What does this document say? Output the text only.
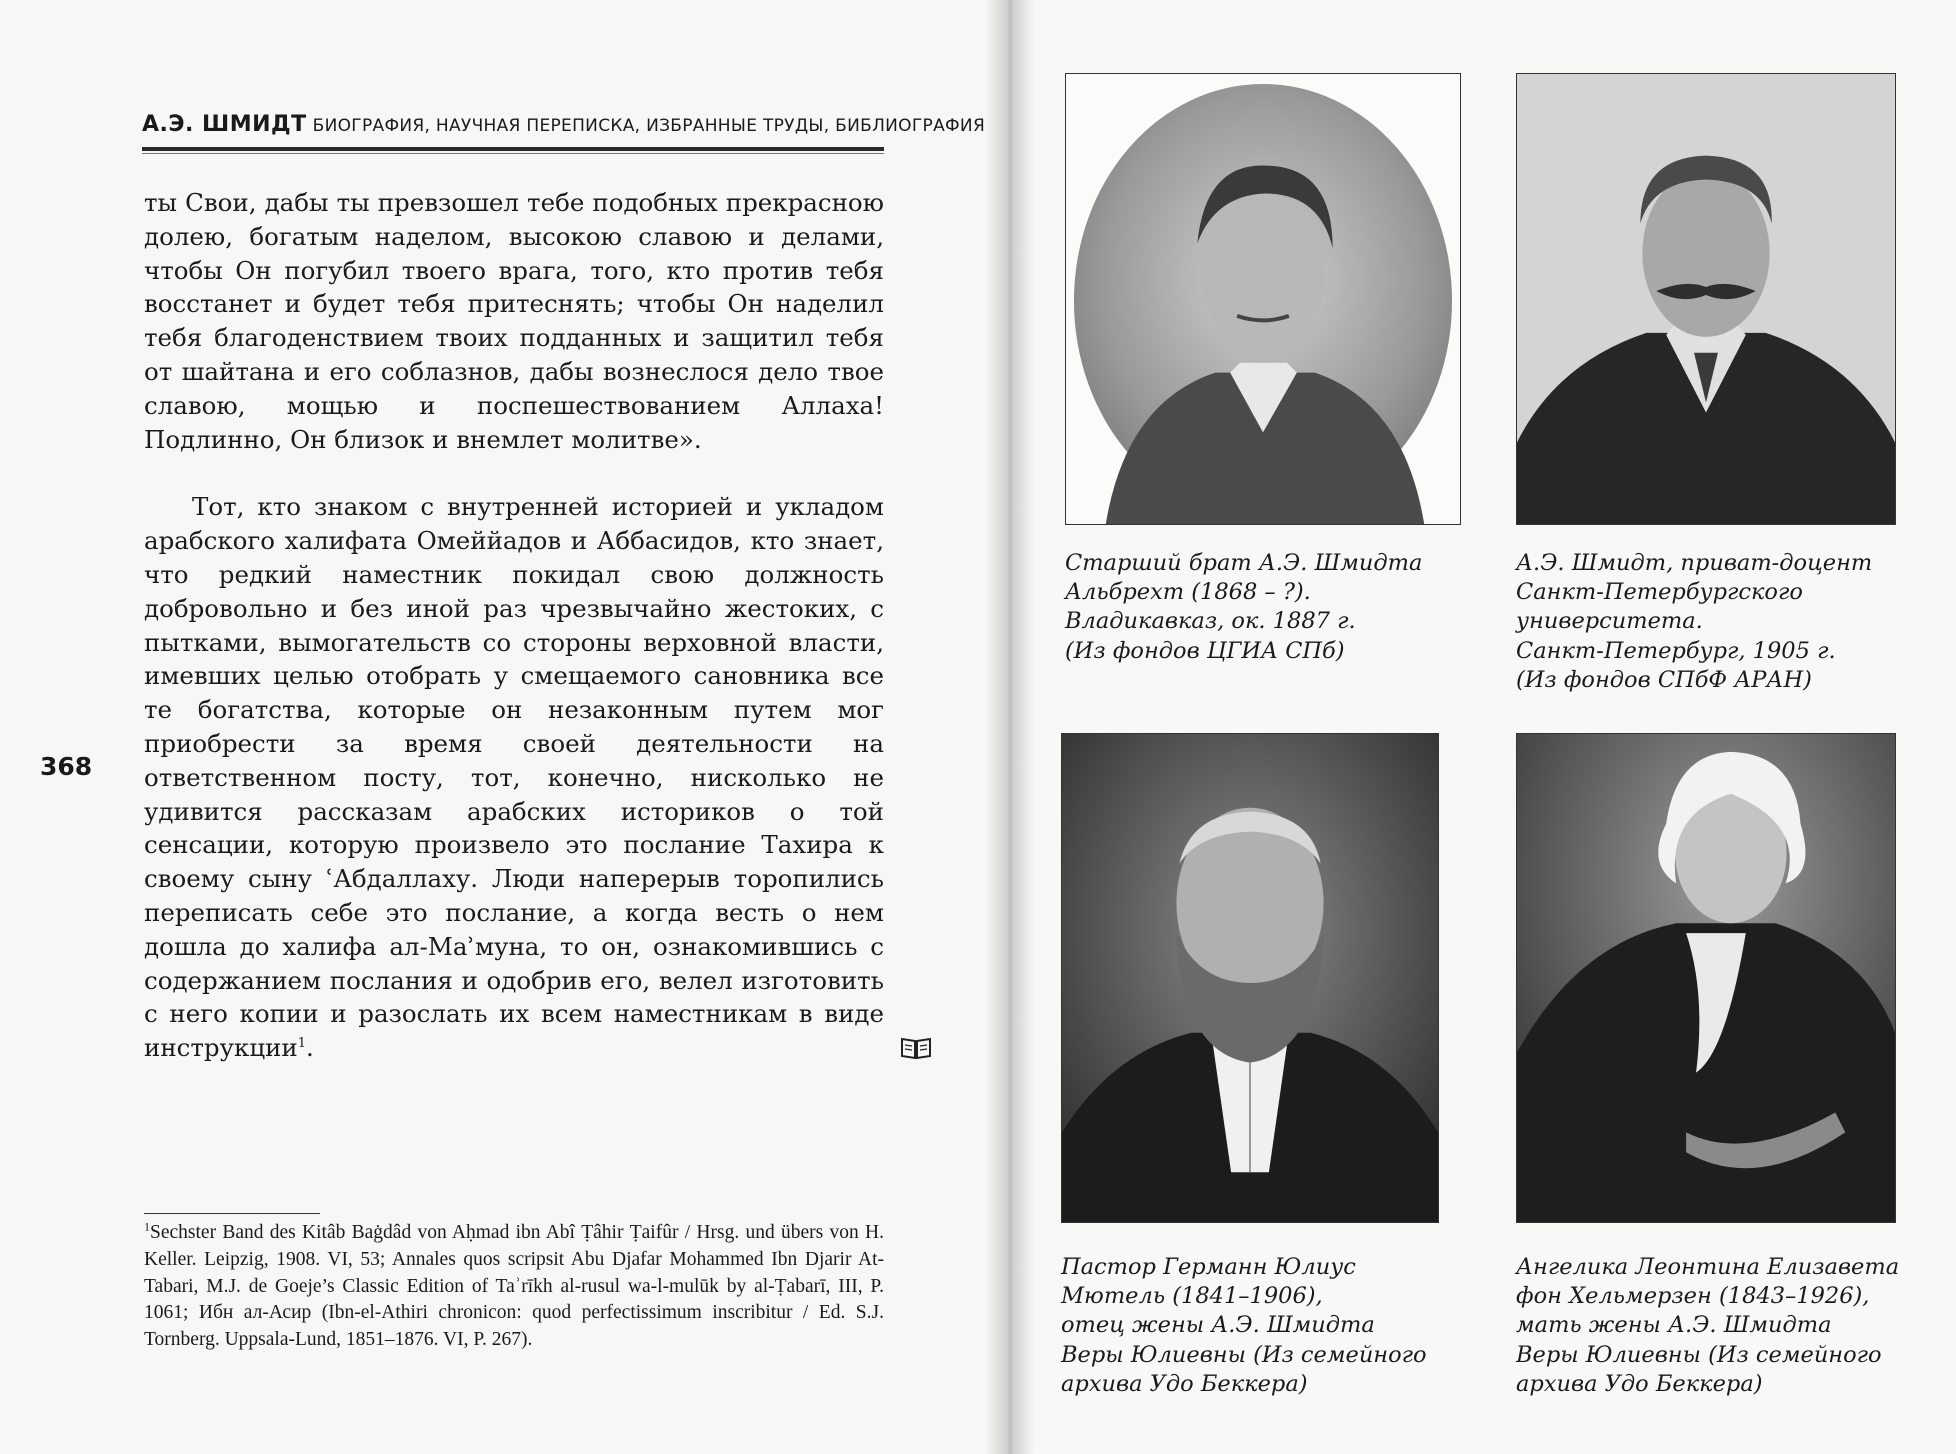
А.Э. ШМИДТ БИОГРАФИЯ, НАУЧНАЯ ПЕРЕПИСКА, ИЗБРАННЫЕ ТРУДЫ, БИБЛИОГРАФИЯ

ты Свои, дабы ты превзошел тебе подобных прекрасною долею, богатым наделом, высокою славою и делами, чтобы Он погубил твоего врага, того, кто против тебя восстанет и будет тебя притеснять; чтобы Он наделил тебя благоденствием твоих подданных и защитил тебя от шайтана и его соблазнов, дабы вознеслося дело твое славою, мощью и поспешествованием Аллаха! Подлинно, Он близок и внемлет молитве».

Тот, кто знаком с внутренней историей и укладом арабского халифата Омеййадов и Аббасидов, кто знает, что редкий наместник покидал свою должность добровольно и без иной раз чрезвычайно жестоких, с пытками, вымогательств со стороны верховной власти, имевших целью отобрать у смещаемого сановника все те богатства, которые он незаконным путем мог приобрести за время своей деятельности на ответственном посту, тот, конечно, нисколько не удивится рассказам арабских историков о той сенсации, которую произвело это послание Тахира к своему сыну ʿАбдаллаху. Люди наперерыв торопились переписать себе это послание, а когда весть о нем дошла до халифа ал-Маʾмуна, то он, ознакомившись с содержанием послания и одобрив его, велел изготовить с него копии и разослать их всем наместникам в виде инструкции$^1$.

368
$^1$Sechster Band des Kitâb Baġdâd von Aḥmad ibn Abî Ṭâhir Ṭaifûr / Hrsg. und übers von H. Keller. Leipzig, 1908. VI, 53; Annales quos scripsit Abu Djafar Mohammed Ibn Djarir At-Tabari, M.J. de Goeje’s Classic Edition of Taʾrīkh al-rusul wa-l-mulūk by al-Ṭabarī, III, P. 1061; Ибн ал-Асир (Ibn-el-Athiri chronicon: quod perfectissimum inscribitur / Ed. S.J. Tornberg. Uppsala-Lund, 1851–1876. VI, P. 267).
Старший брат А.Э. Шмидта
Альбрехт (1868 – ?).
Владикавказ, ок. 1887 г.
(Из фондов ЦГИА СПб)
А.Э. Шмидт, приват-доцент
Санкт-Петербургского
университета.
Санкт-Петербург, 1905 г.
(Из фондов СПбФ АРАН)
Пастор Германн Юлиус
Мютель (1841–1906),
отец жены А.Э. Шмидта
Веры Юлиевны (Из семейного
архива Удо Беккера)
Ангелика Леонтина Елизавета
фон Хельмерзен (1843–1926),
мать жены А.Э. Шмидта
Веры Юлиевны (Из семейного
архива Удо Беккера)
